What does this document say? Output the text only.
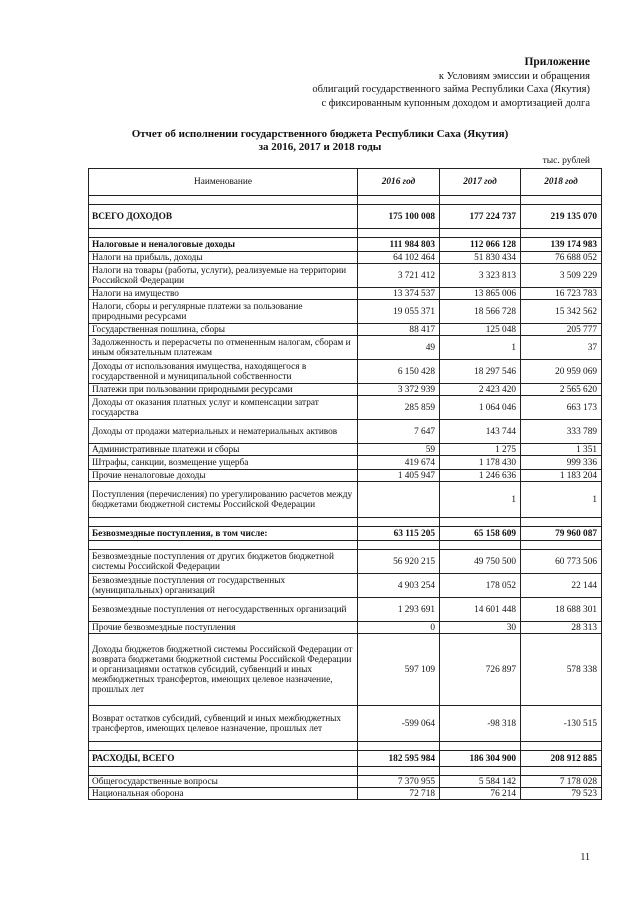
Приложение
к Условиям эмиссии и обращения
облигаций государственного займа Республики Саха (Якутия)
с фиксированным купонным доходом и амортизацией долга
Отчет об исполнении государственного бюджета Республики Саха (Якутия)
за 2016, 2017 и 2018 годы
тыс. рублей
Наименование	2016 год	2017 год	2018 год

ВСЕГО ДОХОДОВ	175 100 008	177 224 737	219 135 070

Налоговые и неналоговые доходы	111 984 803	112 066 128	139 174 983
Налоги на прибыль, доходы	64 102 464	51 830 434	76 688 052
Налоги на товары (работы, услуги), реализуемые на территории Российской Федерации	3 721 412	3 323 813	3 509 229
Налоги на имущество	13 374 537	13 865 006	16 723 783
Налоги, сборы и регулярные платежи за пользование природными ресурсами	19 055 371	18 566 728	15 342 562
Государственная пошлина, сборы	88 417	125 048	205 777
Задолженность и перерасчеты по отмененным налогам, сборам и иным обязательным платежам	49	1	37
Доходы от использования имущества, находящегося в государственной и муниципальной собственности	6 150 428	18 297 546	20 959 069
Платежи при пользовании природными ресурсами	3 372 939	2 423 420	2 565 620
Доходы от оказания платных услуг и компенсации затрат государства	285 859	1 064 046	663 173
Доходы от продажи материальных и нематериальных активов	7 647	143 744	333 789
Административные платежи и сборы	59	1 275	1 351
Штрафы, санкции, возмещение ущерба	419 674	1 178 430	999 336
Прочие неналоговые доходы	1 405 947	1 246 636	1 183 204
Поступления (перечисления) по урегулированию расчетов между бюджетами бюджетной системы Российской Федерации		1	1

Безвозмездные поступления, в том числе:	63 115 205	65 158 609	79 960 087

Безвозмездные поступления от других бюджетов бюджетной системы Российской Федерации	56 920 215	49 750 500	60 773 506
Безвозмездные поступления от государственных (муниципальных) организаций	4 903 254	178 052	22 144
Безвозмездные поступления от негосударственных организаций	1 293 691	14 601 448	18 688 301
Прочие безвозмездные поступления	0	30	28 313
Доходы бюджетов бюджетной системы Российской Федерации от возврата бюджетами бюджетной системы Российской Федерации и организациями остатков субсидий, субвенций и иных межбюджетных трансфертов, имеющих целевое назначение, прошлых лет	597 109	726 897	578 338
Возврат остатков субсидий, субвенций и иных межбюджетных трансфертов, имеющих целевое назначение, прошлых лет	-599 064	-98 318	-130 515

РАСХОДЫ, ВСЕГО	182 595 984	186 304 900	208 912 885

Общегосударственные вопросы	7 370 955	5 584 142	7 178 028
Национальная оборона	72 718	76 214	79 523
11
